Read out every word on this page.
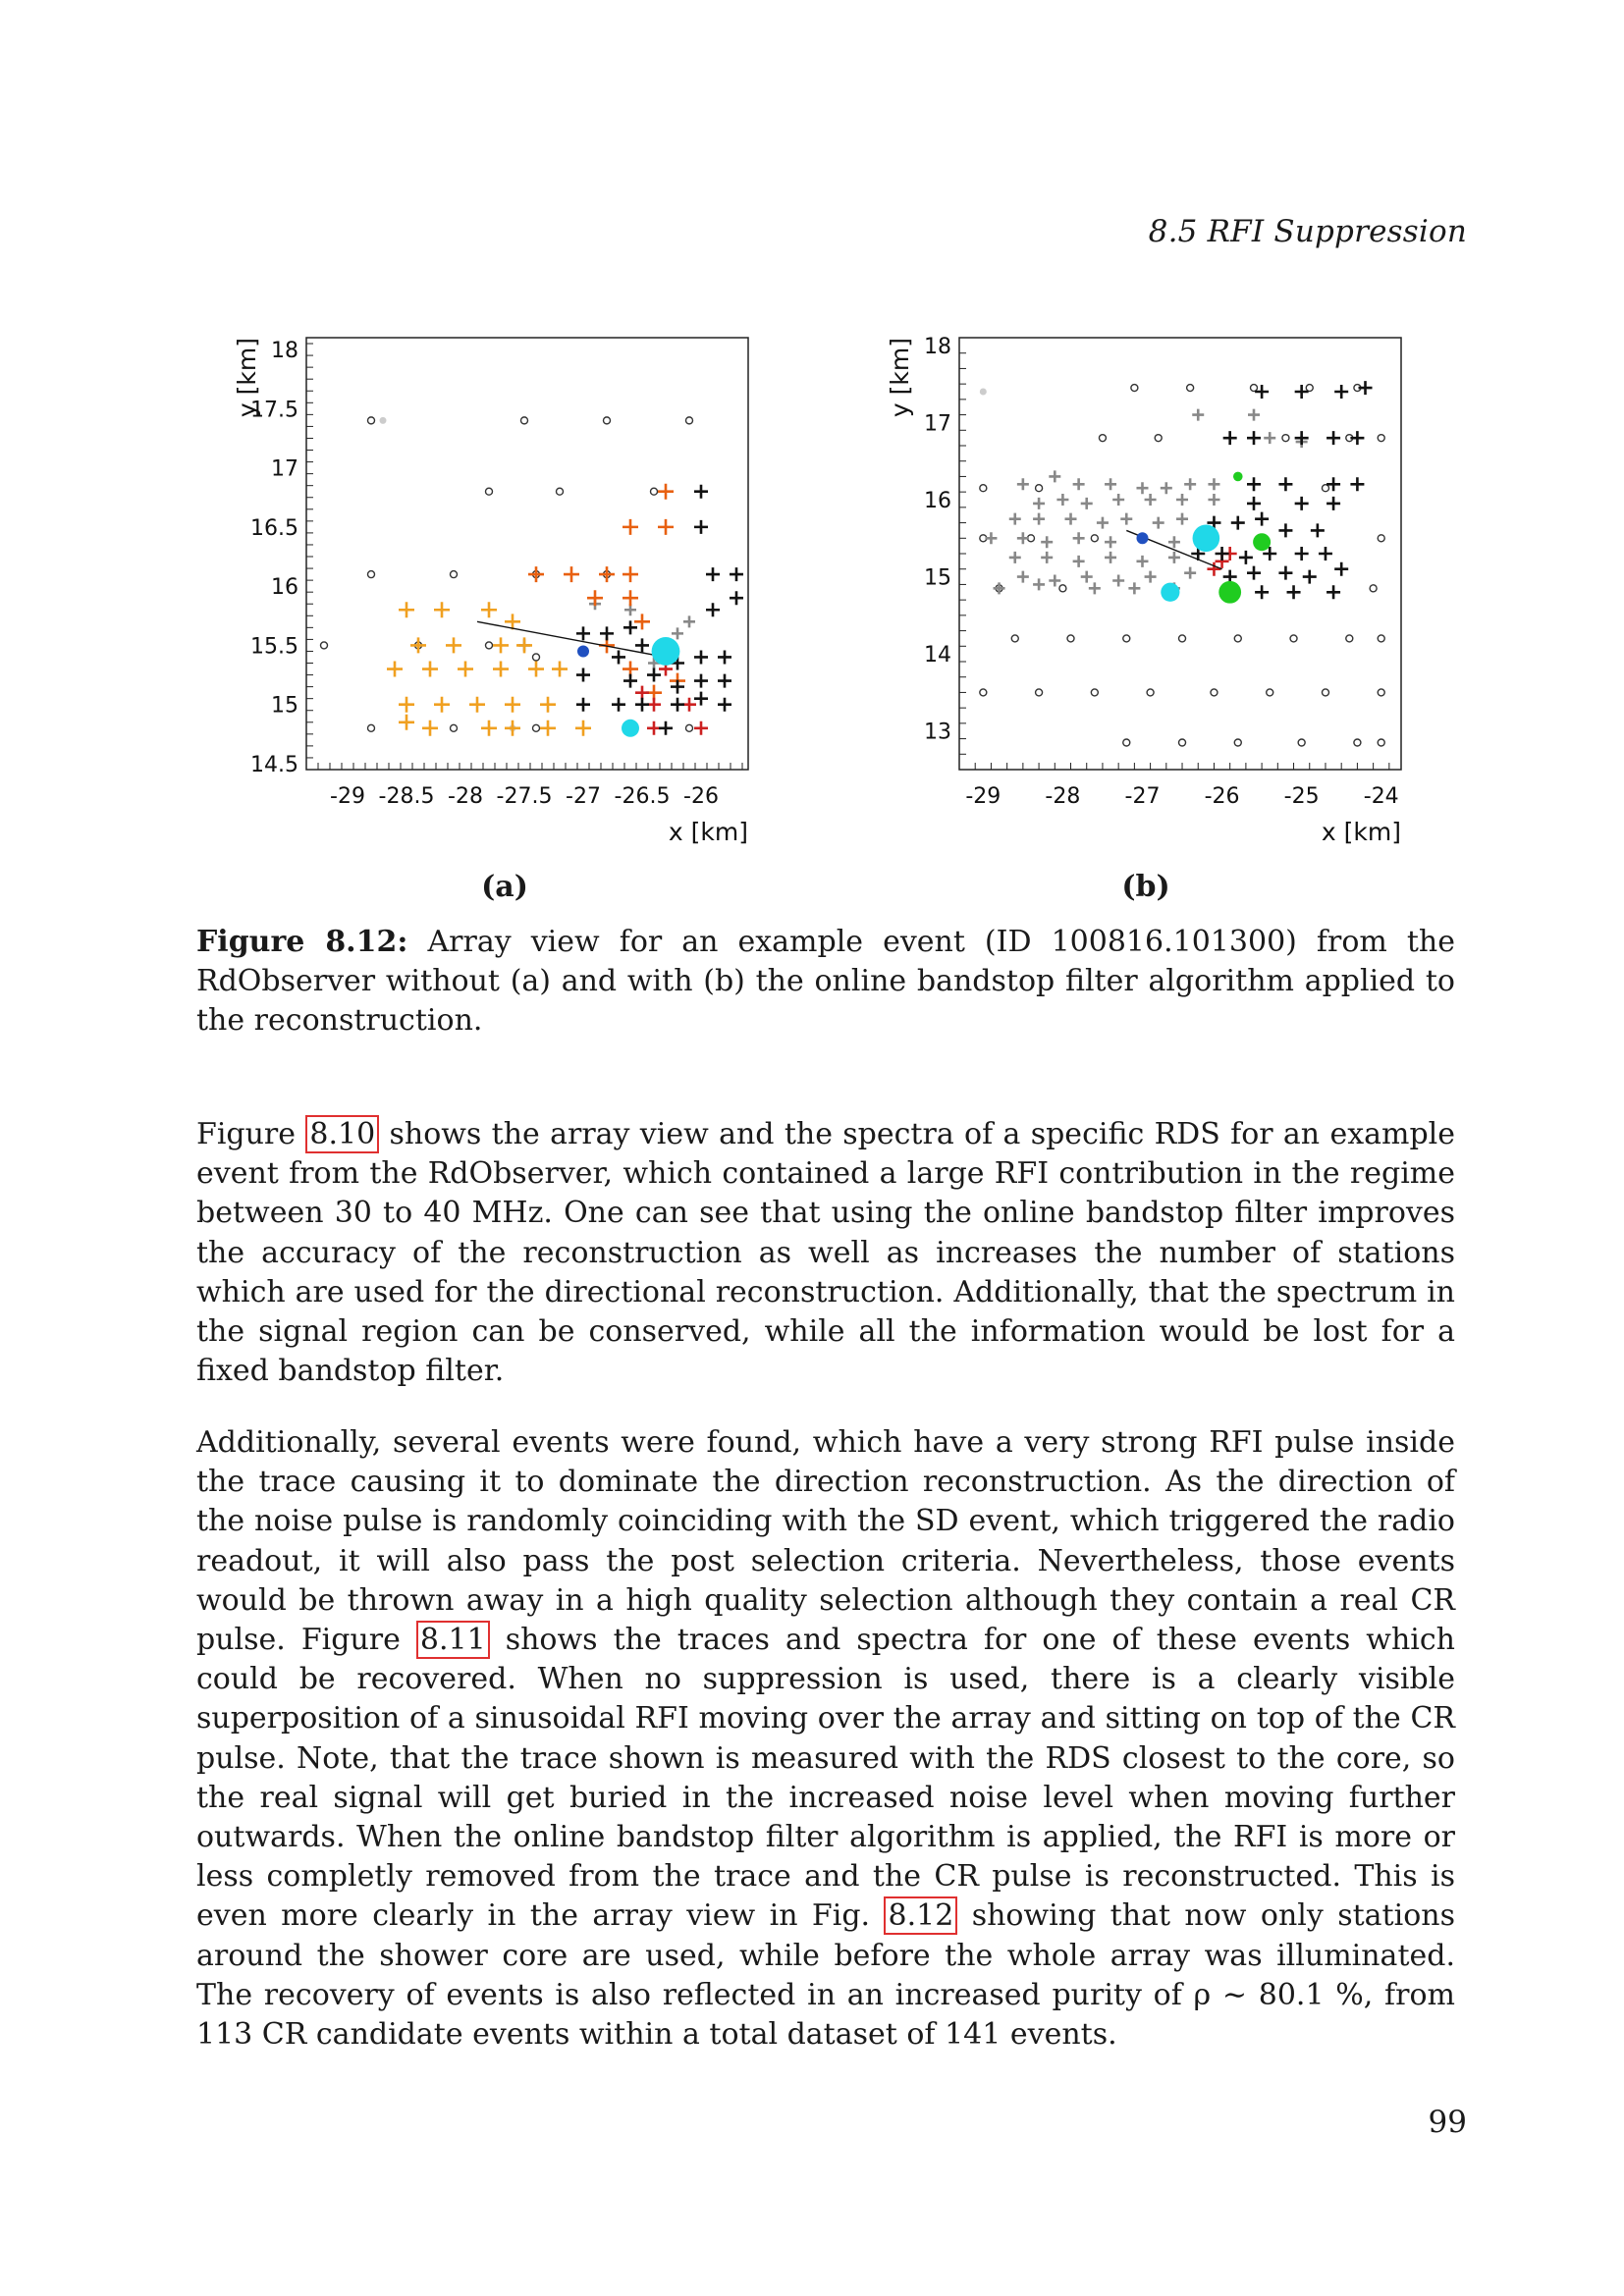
8.5 RFI Suppression
-29 -28.5 -28 -27.5 -27 -26.5 -26
14.5
15
15.5
16
16.5
17
17.5
18
x [km]
y [km]
-29 -28 -27 -26 -25 -24
13
14
15
16
17
18
x [km]
y [km]
(a)	(b)
Figure 8.12: Array view for an example event (ID 100816.101300) from the RdObserver without (a) and with (b) the online bandstop filter algorithm applied to the reconstruction.

Figure 8.10 shows the array view and the spectra of a specific RDS for an example event from the RdObserver, which contained a large RFI contribution in the regime between 30 to 40 MHz. One can see that using the online bandstop filter improves the accuracy of the reconstruction as well as increases the number of stations which are used for the directional reconstruction. Additionally, that the spectrum in the signal region can be conserved, while all the information would be lost for a fixed bandstop filter.

Additionally, several events were found, which have a very strong RFI pulse inside the trace causing it to dominate the direction reconstruction. As the direction of the noise pulse is randomly coinciding with the SD event, which triggered the radio readout, it will also pass the post selection criteria. Nevertheless, those events would be thrown away in a high quality selection although they contain a real CR pulse. Figure 8.11 shows the traces and spectra for one of these events which could be recovered. When no suppression is used, there is a clearly visible superposition of a sinusoidal RFI moving over the array and sitting on top of the CR pulse. Note, that the trace shown is measured with the RDS closest to the core, so the real signal will get buried in the increased noise level when moving further outwards. When the online bandstop filter algorithm is applied, the RFI is more or less completly removed from the trace and the CR pulse is reconstructed. This is even more clearly in the array view in Fig. 8.12 showing that now only stations around the shower core are used, while before the whole array was illuminated. The recovery of events is also reflected in an increased purity of ρ ∼ 80.1 %, from 113 CR candidate events within a total dataset of 141 events.

99
